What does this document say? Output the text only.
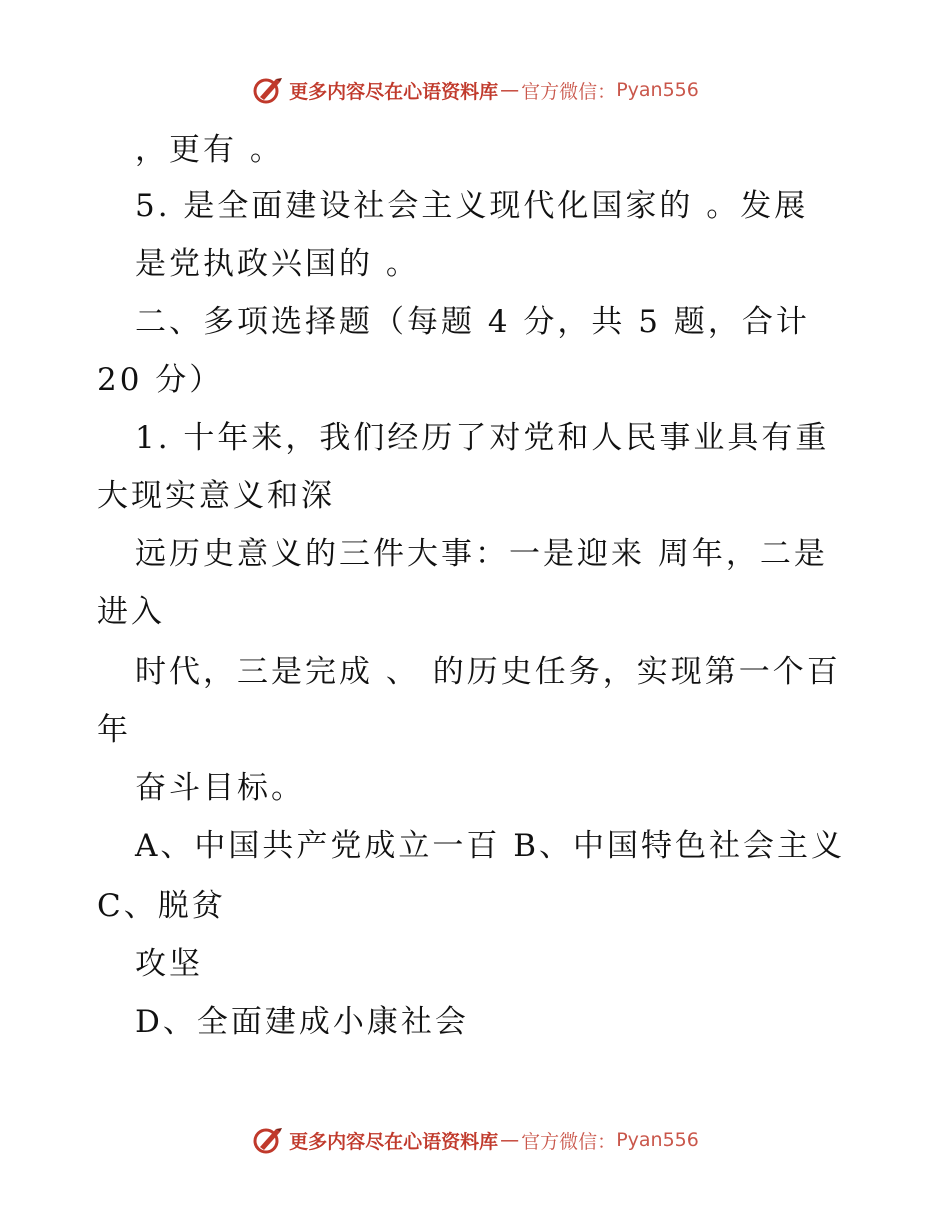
更多内容尽在心语资料库 — 官方微信： Pyan556
，更有 。
5. 是全面建设社会主义现代化国家的 。发展
是党执政兴国的 。
二、多项选择题（每题 4 分，共 5 题，合计
20 分）
1. 十年来，我们经历了对党和人民事业具有重
大现实意义和深
远历史意义的三件大事：一是迎来 周年，二是
进入
时代，三是完成 、 的历史任务，实现第一个百
年
奋斗目标。
A、中国共产党成立一百 B、中国特色社会主义
C、脱贫
攻坚
D、全面建成小康社会
更多内容尽在心语资料库 — 官方微信： Pyan556
